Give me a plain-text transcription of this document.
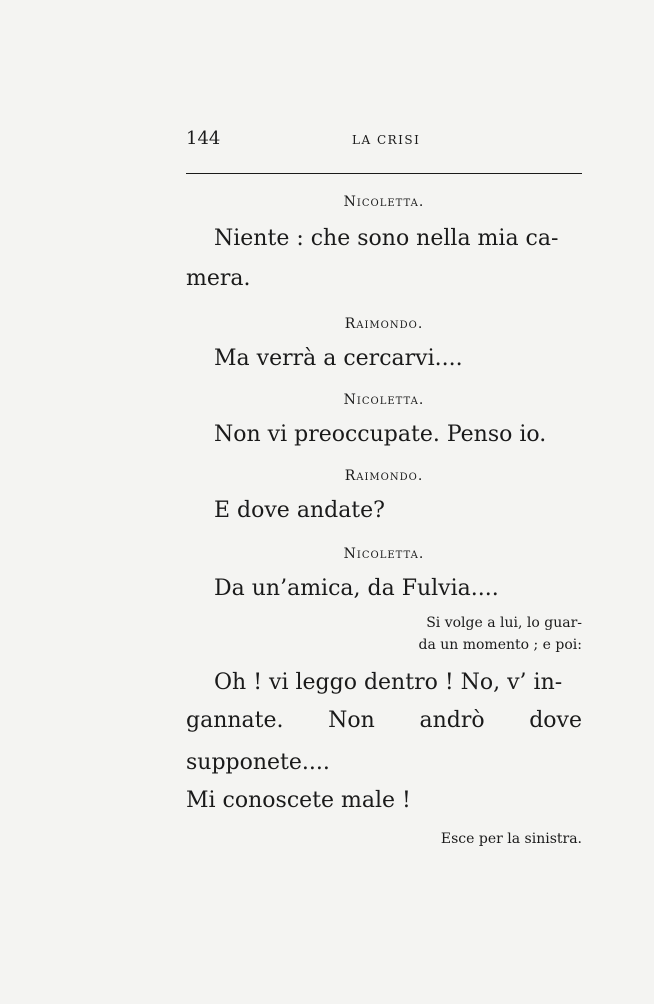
144	LA CRISI

Nicoletta.

Niente : che sono nella mia ca-

mera.

Raimondo.

Ma verrà a cercarvi....

Nicoletta.

Non vi preoccupate. Penso io.

Raimondo.

E dove andate?

Nicoletta.

Da un’amica, da Fulvia....

Si volge a lui, lo guar-

da un momento ; e poi:

Oh ! vi leggo dentro ! No, v’ in-

gannate. Non andrò dove supponete....

Mi conoscete male !

Esce per la sinistra.
